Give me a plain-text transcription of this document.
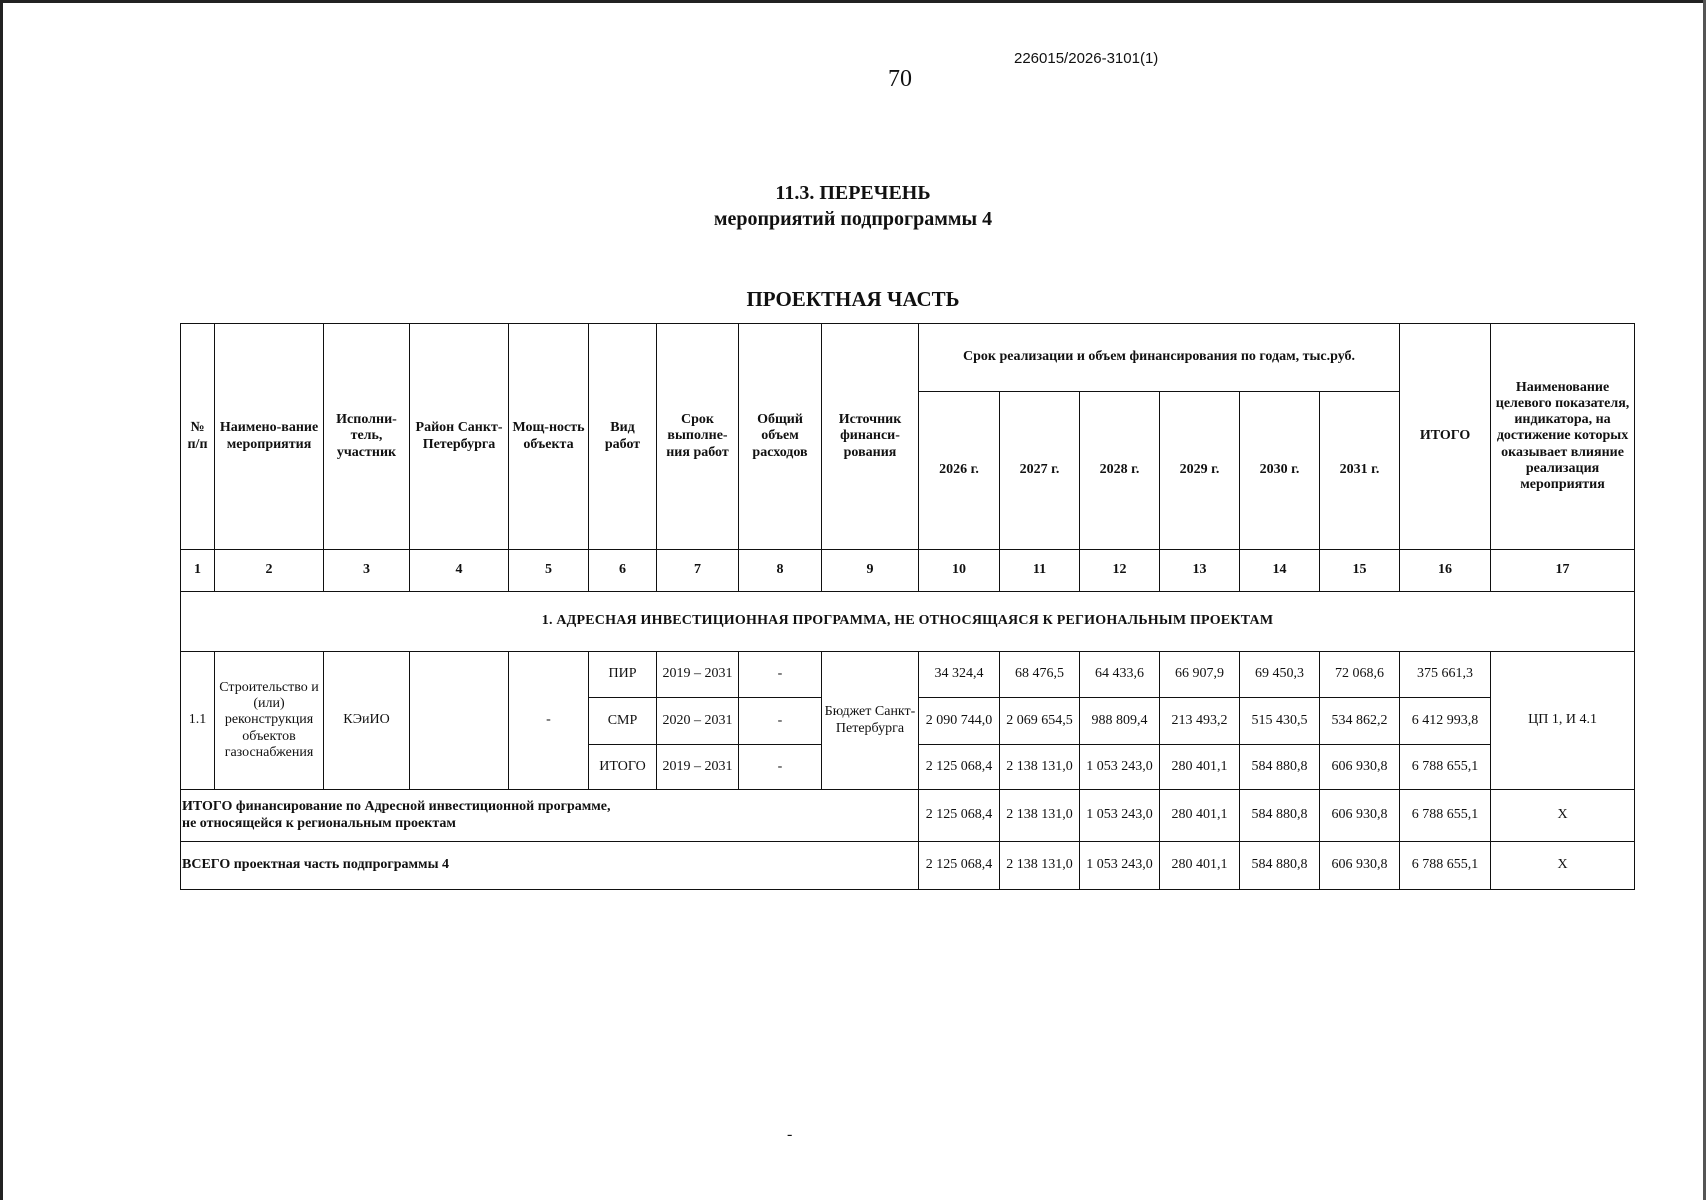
226015/2026-3101(1)
70
11.3. ПЕРЕЧЕНЬ
мероприятий подпрограммы 4
ПРОЕКТНАЯ ЧАСТЬ
№ п/п	Наимено-вание мероприятия	Исполни-тель, участник	Район Санкт-Петербурга	Мощ-ность объекта	Вид работ	Срок выполне-ния работ	Общий объем расходов	Источник финанси-рования	Срок реализации и объем финансирования по годам, тыс.руб.						ИТОГО	Наименование целевого показателя, индикатора, на достижение которых оказывает влияние реализация мероприятия
									2026 г.	2027 г.	2028 г.	2029 г.	2030 г.	2031 г.		
1	2	3	4	5	6	7	8	9	10	11	12	13	14	15	16	17
1. АДРЕСНАЯ ИНВЕСТИЦИОННАЯ ПРОГРАММА, НЕ ОТНОСЯЩАЯСЯ К РЕГИОНАЛЬНЫМ ПРОЕКТАМ																
1.1	Строительство и (или) реконструкция объектов газоснабжения	КЭиИО		-	ПИР	2019 – 2031	-	Бюджет Санкт-Петербурга	34 324,4	68 476,5	64 433,6	66 907,9	69 450,3	72 068,6	375 661,3	ЦП 1, И 4.1
					СМР	2020 – 2031	-		2 090 744,0	2 069 654,5	988 809,4	213 493,2	515 430,5	534 862,2	6 412 993,8	
					ИТОГО	2019 – 2031	-		2 125 068,4	2 138 131,0	1 053 243,0	280 401,1	584 880,8	606 930,8	6 788 655,1	

ИТОГО финансирование по Адресной инвестиционной программе,
не относящейся к региональным проектам									2 125 068,4	2 138 131,0	1 053 243,0	280 401,1	584 880,8	606 930,8	6 788 655,1	Х
ВСЕГО проектная часть подпрограммы 4									2 125 068,4	2 138 131,0	1 053 243,0	280 401,1	584 880,8	606 930,8	6 788 655,1	Х
-
